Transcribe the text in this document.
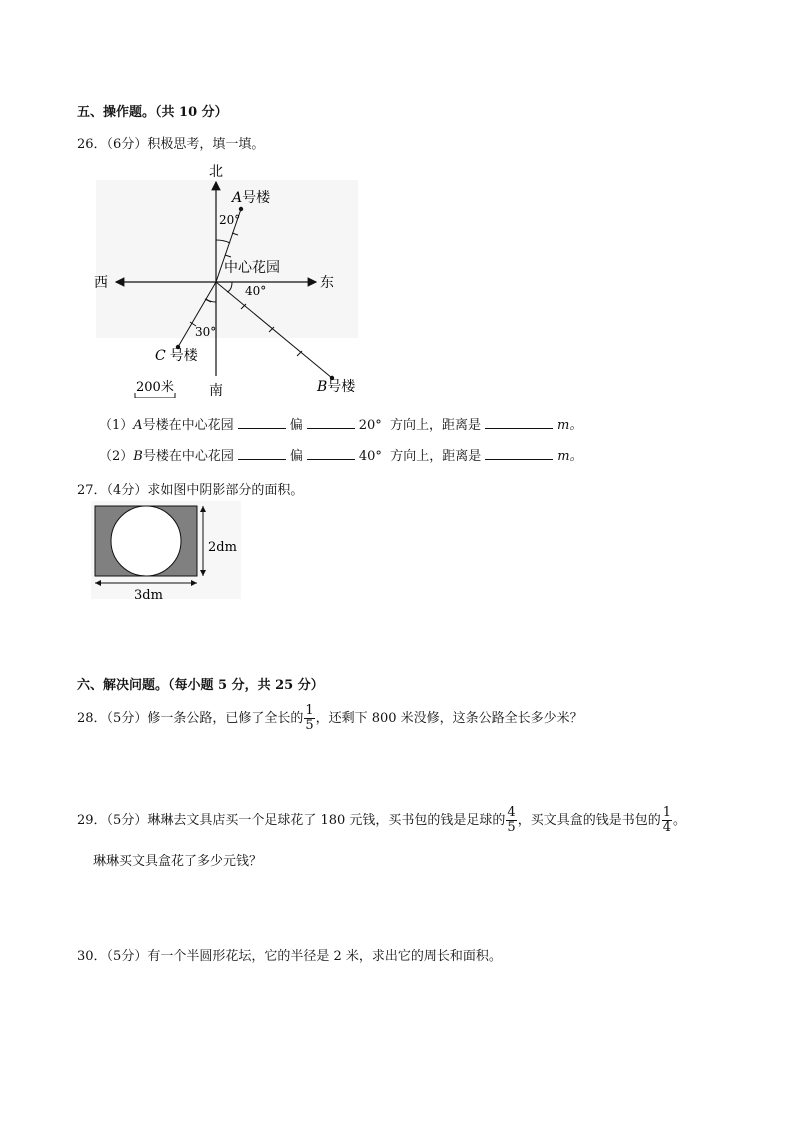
五、操作题。（共 10 分）
26．（6分）积极思考，填一填。
北
南
东
西
A号楼
C 号楼
B号楼
中心花园
20°
40°
30°
200米
（1）A号楼在中心花园	偏	20° 方向上，距离是	m。
（2）B号楼在中心花园	偏	40° 方向上，距离是	m。
27．（4分）求如图中阴影部分的面积。
2dm
3dm
六、解决问题。（每小题 5 分，共 25 分）
28．（5分）修一条公路，已修了全长的 $\frac{1}{5}$ ，还剩下 800 米没修，这条公路全长多少米？
29．（5分）琳琳去文具店买一个足球花了 180 元钱，买书包的钱是足球的 $\frac{4}{5}$ ，买文具盒的钱是书包的 $\frac{1}{4}$ 。
琳琳买文具盒花了多少元钱？
30．（5分）有一个半圆形花坛，它的半径是 2 米，求出它的周长和面积。
